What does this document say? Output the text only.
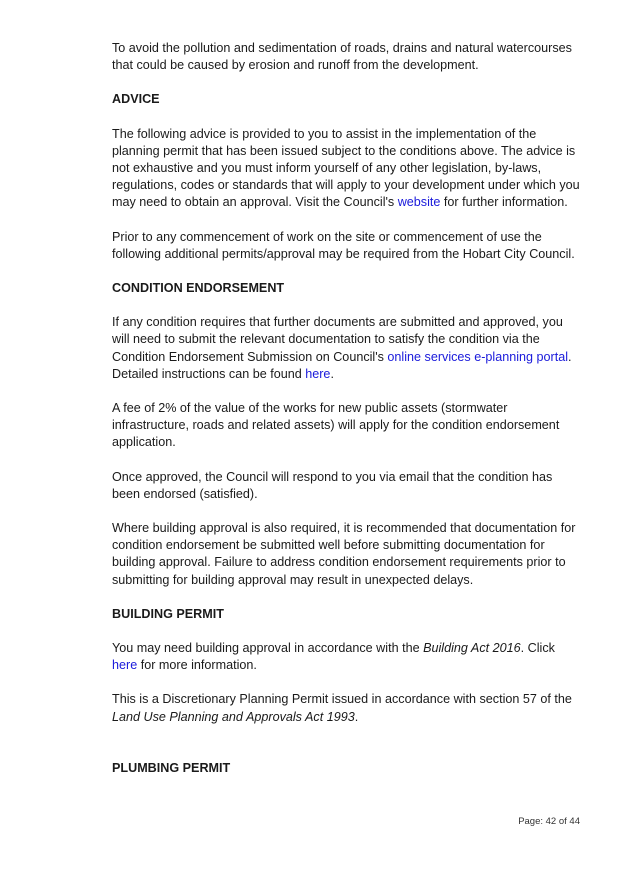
To avoid the pollution and sedimentation of roads, drains and natural watercourses that could be caused by erosion and runoff from the development.

ADVICE

The following advice is provided to you to assist in the implementation of the planning permit that has been issued subject to the conditions above. The advice is not exhaustive and you must inform yourself of any other legislation, by-laws, regulations, codes or standards that will apply to your development under which you may need to obtain an approval. Visit the Council's website for further information.

Prior to any commencement of work on the site or commencement of use the following additional permits/approval may be required from the Hobart City Council.

CONDITION ENDORSEMENT

If any condition requires that further documents are submitted and approved, you will need to submit the relevant documentation to satisfy the condition via the Condition Endorsement Submission on Council's online services e-planning portal. Detailed instructions can be found here.

A fee of 2% of the value of the works for new public assets (stormwater infrastructure, roads and related assets) will apply for the condition endorsement application.

Once approved, the Council will respond to you via email that the condition has been endorsed (satisfied).

Where building approval is also required, it is recommended that documentation for condition endorsement be submitted well before submitting documentation for building approval. Failure to address condition endorsement requirements prior to submitting for building approval may result in unexpected delays.

BUILDING PERMIT

You may need building approval in accordance with the Building Act 2016. Click here for more information.

This is a Discretionary Planning Permit issued in accordance with section 57 of the Land Use Planning and Approvals Act 1993.

PLUMBING PERMIT
Page: 42 of 44
